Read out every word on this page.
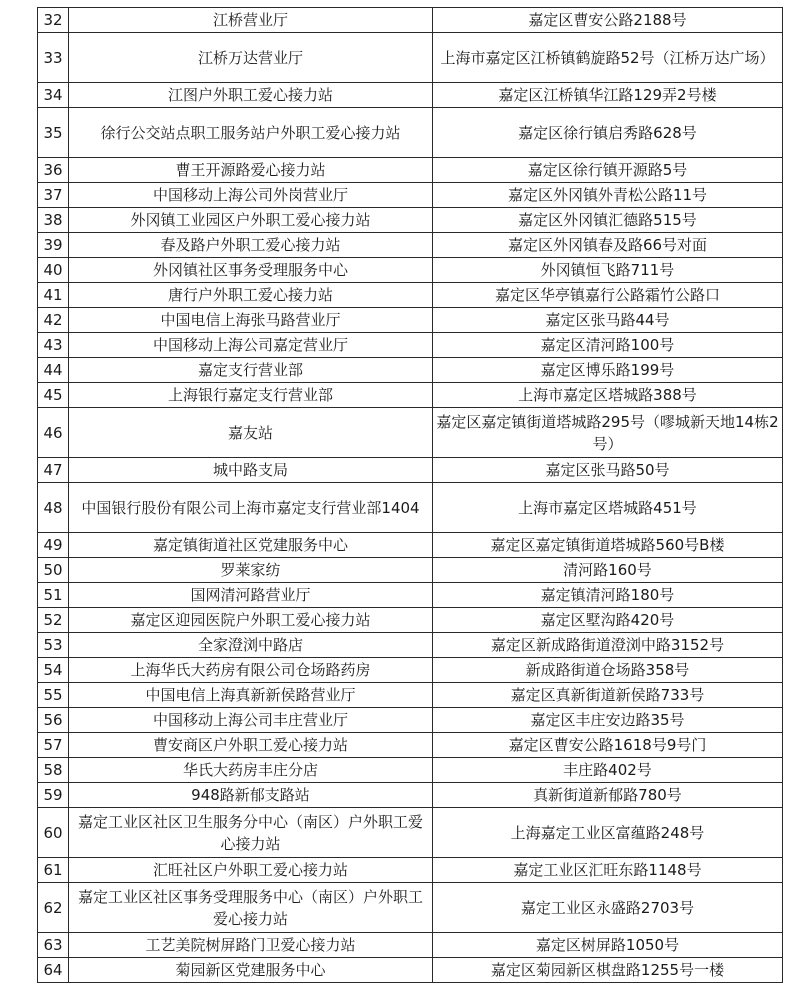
32	江桥营业厅	嘉定区曹安公路2188号
33	江桥万达营业厅	上海市嘉定区江桥镇鹤旋路52号（江桥万达广场）
34	江图户外职工爱心接力站	嘉定区江桥镇华江路129弄2号楼
35	徐行公交站点职工服务站户外职工爱心接力站	嘉定区徐行镇启秀路628号
36	曹王开源路爱心接力站	嘉定区徐行镇开源路5号
37	中国移动上海公司外岗营业厅	嘉定区外冈镇外青松公路11号
38	外冈镇工业园区户外职工爱心接力站	嘉定区外冈镇汇德路515号
39	春及路户外职工爱心接力站	嘉定区外冈镇春及路66号对面
40	外冈镇社区事务受理服务中心	外冈镇恒飞路711号
41	唐行户外职工爱心接力站	嘉定区华亭镇嘉行公路霜竹公路口
42	中国电信上海张马路营业厅	嘉定区张马路44号
43	中国移动上海公司嘉定营业厅	嘉定区清河路100号
44	嘉定支行营业部	嘉定区博乐路199号
45	上海银行嘉定支行营业部	上海市嘉定区塔城路388号
46	嘉友站	嘉定区嘉定镇街道塔城路295号（嘐城新天地14栋2号）
47	城中路支局	嘉定区张马路50号
48	中国银行股份有限公司上海市嘉定支行营业部1404	上海市嘉定区塔城路451号
49	嘉定镇街道社区党建服务中心	嘉定区嘉定镇街道塔城路560号B楼
50	罗莱家纺	清河路160号
51	国网清河路营业厅	嘉定镇清河路180号
52	嘉定区迎园医院户外职工爱心接力站	嘉定区墅沟路420号
53	全家澄浏中路店	嘉定区新成路街道澄浏中路3152号
54	上海华氏大药房有限公司仓场路药房	新成路街道仓场路358号
55	中国电信上海真新新侯路营业厅	嘉定区真新街道新侯路733号
56	中国移动上海公司丰庄营业厅	嘉定区丰庄安边路35号
57	曹安商区户外职工爱心接力站	嘉定区曹安公路1618号9号门
58	华氏大药房丰庄分店	丰庄路402号
59	948路新郁支路站	真新街道新郁路780号
60	嘉定工业区社区卫生服务分中心（南区）户外职工爱心接力站	上海嘉定工业区富蕴路248号
61	汇旺社区户外职工爱心接力站	嘉定工业区汇旺东路1148号
62	嘉定工业区社区事务受理服务中心（南区）户外职工爱心接力站	嘉定工业区永盛路2703号
63	工艺美院树屏路门卫爱心接力站	嘉定区树屏路1050号
64	菊园新区党建服务中心	嘉定区菊园新区棋盘路1255号一楼
